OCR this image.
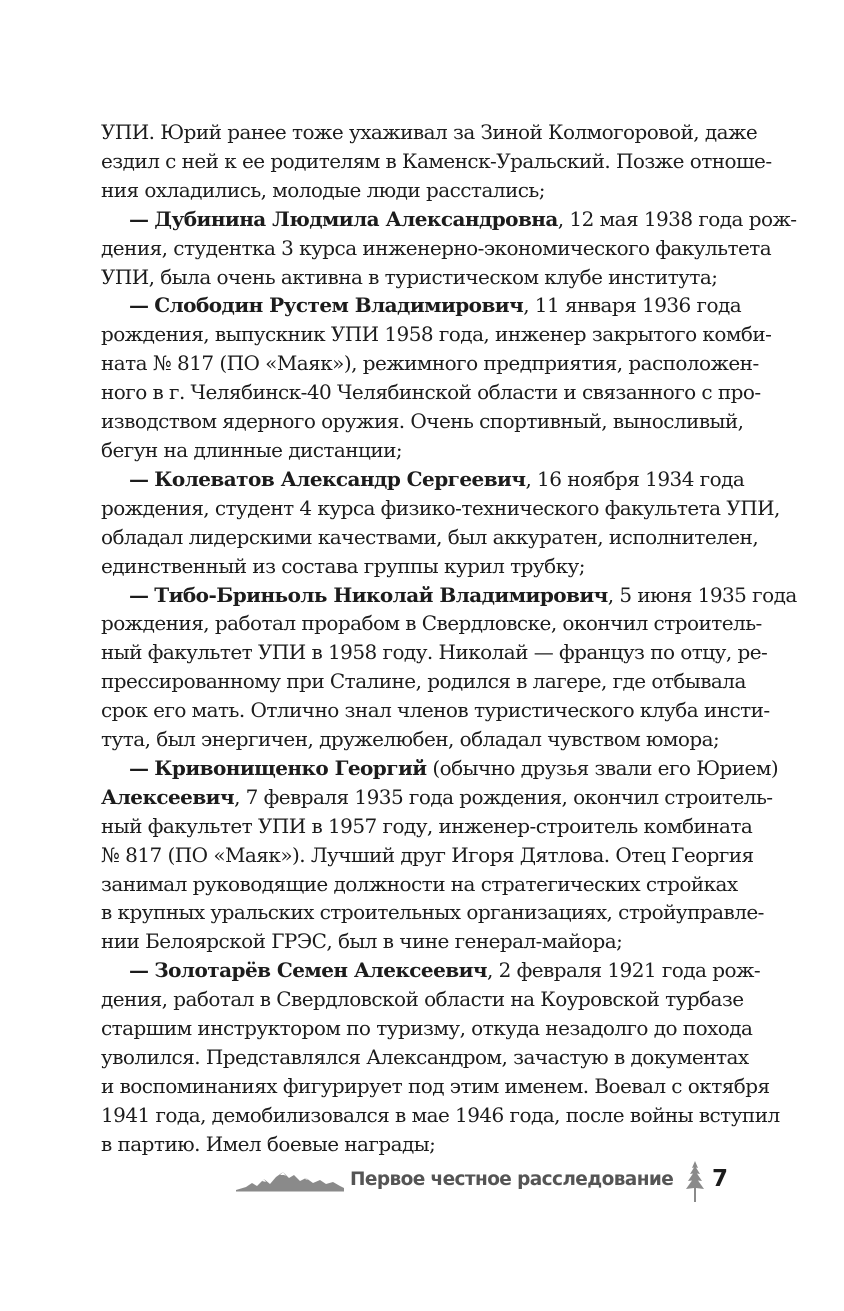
УПИ. Юрий ранее тоже ухаживал за Зиной Колмогоровой, даже
ездил с ней к ее родителям в Каменск-Уральский. Позже отноше-
ния охладились, молодые люди расстались;

— Дубинина Людмила Александровна, 12 мая 1938 года рож-
дения, студентка 3 курса инженерно-экономического факультета
УПИ, была очень активна в туристическом клубе института;

— Слободин Рустем Владимирович, 11 января 1936 года
рождения, выпускник УПИ 1958 года, инженер закрытого комби-
ната № 817 (ПО «Маяк»), режимного предприятия, расположен-
ного в г. Челябинск-40 Челябинской области и связанного с про-
изводством ядерного оружия. Очень спортивный, выносливый,
бегун на длинные дистанции;

— Колеватов Александр Сергеевич, 16 ноября 1934 года
рождения, студент 4 курса физико-технического факультета УПИ,
обладал лидерскими качествами, был аккуратен, исполнителен,
единственный из состава группы курил трубку;

— Тибо-Бриньоль Николай Владимирович, 5 июня 1935 года
рождения, работал прорабом в Свердловске, окончил строитель-
ный факультет УПИ в 1958 году. Николай — француз по отцу, ре-
прессированному при Сталине, родился в лагере, где отбывала
срок его мать. Отлично знал членов туристического клуба инсти-
тута, был энергичен, дружелюбен, обладал чувством юмора;

— Кривонищенко Георгий (обычно друзья звали его Юрием)
Алексеевич, 7 февраля 1935 года рождения, окончил строитель-
ный факультет УПИ в 1957 году, инженер-строитель комбината
№ 817 (ПО «Маяк»). Лучший друг Игоря Дятлова. Отец Георгия
занимал руководящие должности на стратегических стройках
в крупных уральских строительных организациях, стройуправле-
нии Белоярской ГРЭС, был в чине генерал-майора;

— Золотарёв Семен Алексеевич, 2 февраля 1921 года рож-
дения, работал в Свердловской области на Коуровской турбазе
старшим инструктором по туризму, откуда незадолго до похода
уволился. Представлялся Александром, зачастую в документах
и воспоминаниях фигурирует под этим именем. Воевал с октября
1941 года, демобилизовался в мае 1946 года, после войны вступил
в партию. Имел боевые награды;

Первое честное расследование 7
